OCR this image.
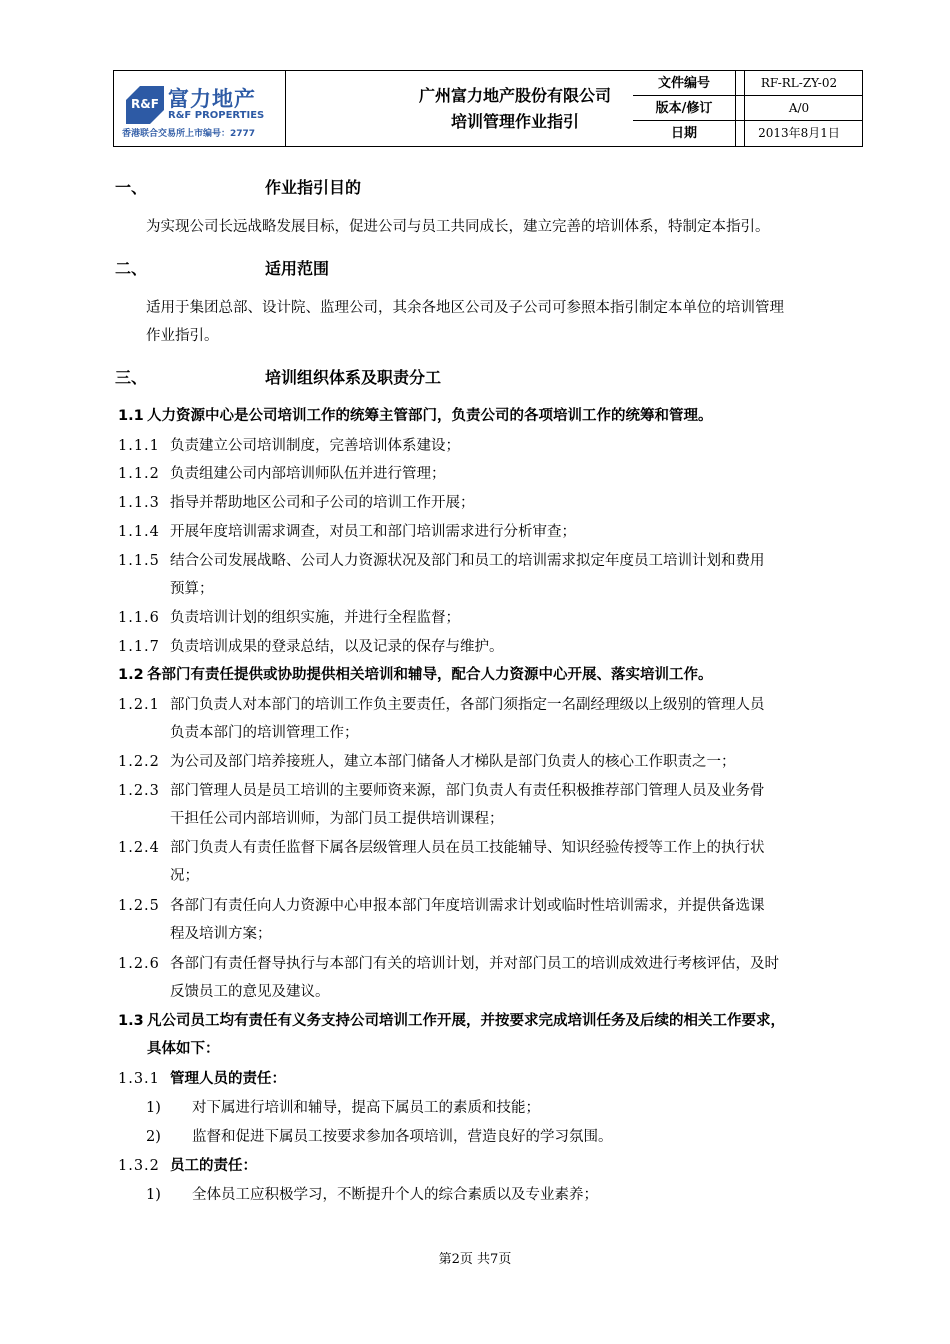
R&F 富力地产
R&F PROPERTIES
香港联合交易所上市编号：2777
广州富力地产股份有限公司
培训管理作业指引
文件编号	RF-RL-ZY-02
版本/修订	A/0
日期	2013年8月1日
一、	作业指引目的
为实现公司长远战略发展目标，促进公司与员工共同成长，建立完善的培训体系，特制定本指引。
二、	适用范围
适用于集团总部、设计院、监理公司，其余各地区公司及子公司可参照本指引制定本单位的培训管理
作业指引。
三、	培训组织体系及职责分工
1.1 人力资源中心是公司培训工作的统筹主管部门，负责公司的各项培训工作的统筹和管理。
1.1.1 负责建立公司培训制度，完善培训体系建设；
1.1.2 负责组建公司内部培训师队伍并进行管理；
1.1.3 指导并帮助地区公司和子公司的培训工作开展；
1.1.4 开展年度培训需求调查，对员工和部门培训需求进行分析审查；
1.1.5 结合公司发展战略、公司人力资源状况及部门和员工的培训需求拟定年度员工培训计划和费用
预算；
1.1.6 负责培训计划的组织实施，并进行全程监督；
1.1.7 负责培训成果的登录总结，以及记录的保存与维护。
1.2 各部门有责任提供或协助提供相关培训和辅导，配合人力资源中心开展、落实培训工作。
1.2.1 部门负责人对本部门的培训工作负主要责任，各部门须指定一名副经理级以上级别的管理人员
负责本部门的培训管理工作；
1.2.2 为公司及部门培养接班人，建立本部门储备人才梯队是部门负责人的核心工作职责之一；
1.2.3 部门管理人员是员工培训的主要师资来源，部门负责人有责任积极推荐部门管理人员及业务骨
干担任公司内部培训师，为部门员工提供培训课程；
1.2.4 部门负责人有责任监督下属各层级管理人员在员工技能辅导、知识经验传授等工作上的执行状
况；
1.2.5 各部门有责任向人力资源中心申报本部门年度培训需求计划或临时性培训需求，并提供备选课
程及培训方案；
1.2.6 各部门有责任督导执行与本部门有关的培训计划，并对部门员工的培训成效进行考核评估，及时
反馈员工的意见及建议。
1.3 凡公司员工均有责任有义务支持公司培训工作开展，并按要求完成培训任务及后续的相关工作要求，
具体如下：
1.3.1 管理人员的责任：
1) 对下属进行培训和辅导，提高下属员工的素质和技能；
2) 监督和促进下属员工按要求参加各项培训，营造良好的学习氛围。
1.3.2 员工的责任：
1) 全体员工应积极学习，不断提升个人的综合素质以及专业素养；
第2页 共7页
